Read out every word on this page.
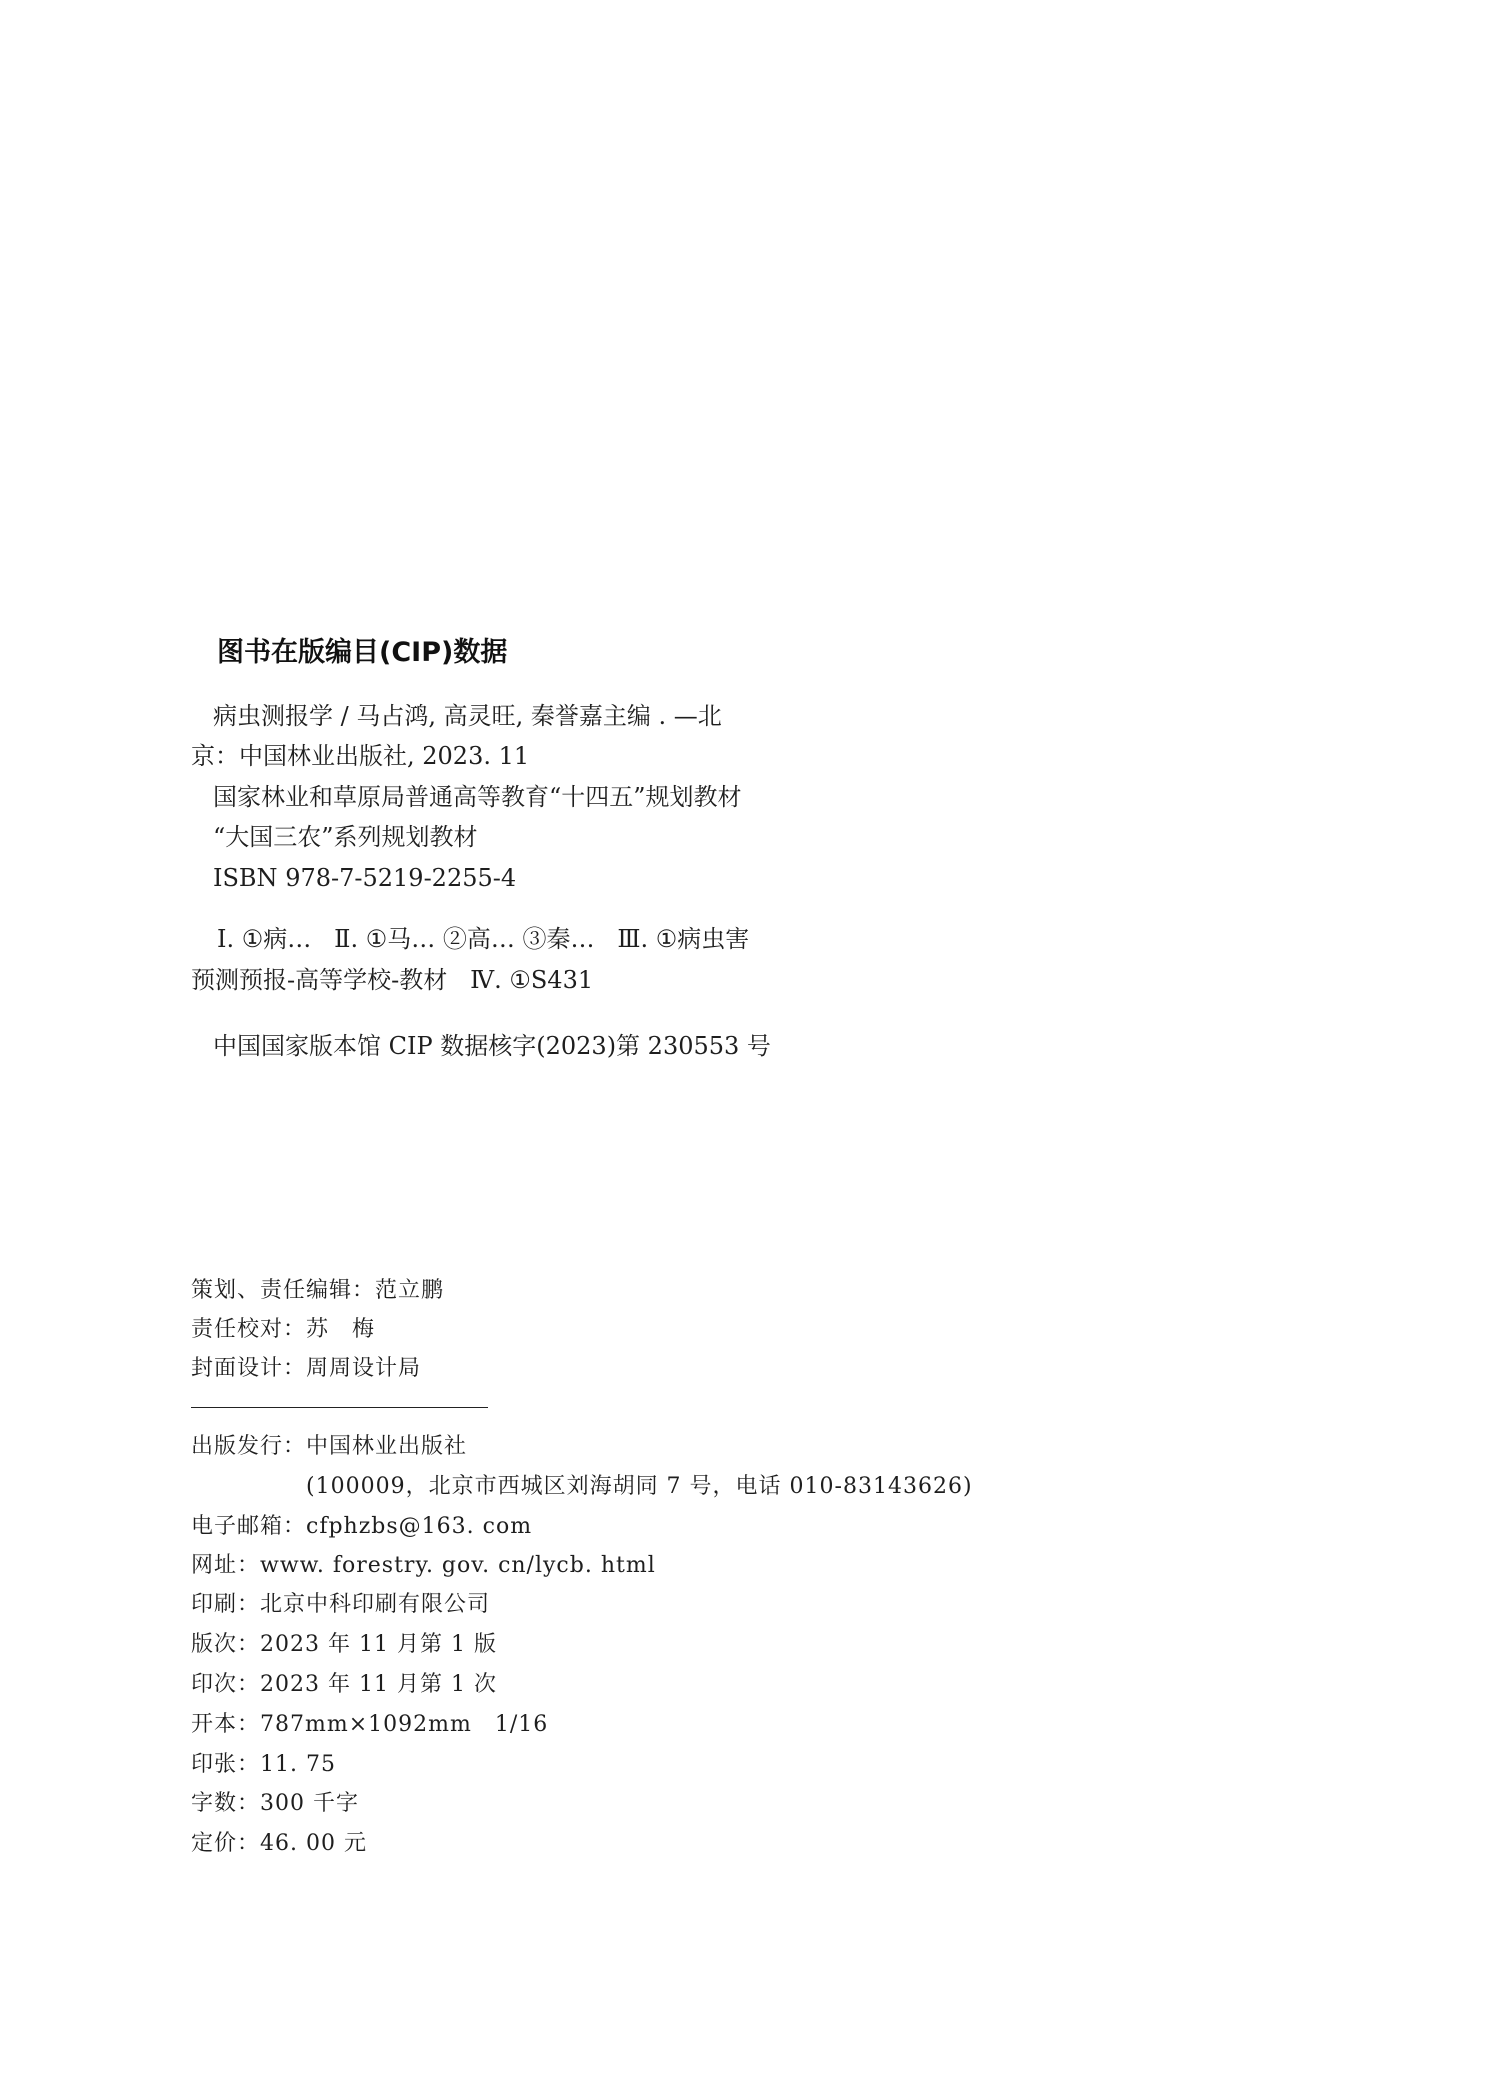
图书在版编目(CIP)数据
病虫测报学 / 马占鸿, 高灵旺, 秦誉嘉主编 . —北
京：中国林业出版社, 2023. 11
国家林业和草原局普通高等教育“十四五”规划教材
“大国三农”系列规划教材
ISBN 978-7-5219-2255-4
Ⅰ. ①病…   Ⅱ. ①马… ②高… ③秦…   Ⅲ. ①病虫害
预测预报-高等学校-教材   Ⅳ. ①S431
中国国家版本馆 CIP 数据核字(2023)第 230553 号
策划、责任编辑：范立鹏
责任校对：苏　梅
封面设计：周周设计局
出版发行：中国林业出版社
(100009，北京市西城区刘海胡同 7 号，电话 010-83143626)
电子邮箱：cfphzbs@163. com
网址：www. forestry. gov. cn/lycb. html
印刷：北京中科印刷有限公司
版次：2023 年 11 月第 1 版
印次：2023 年 11 月第 1 次
开本：787mm×1092mm　1/16
印张：11. 75
字数：300 千字
定价：46. 00 元
